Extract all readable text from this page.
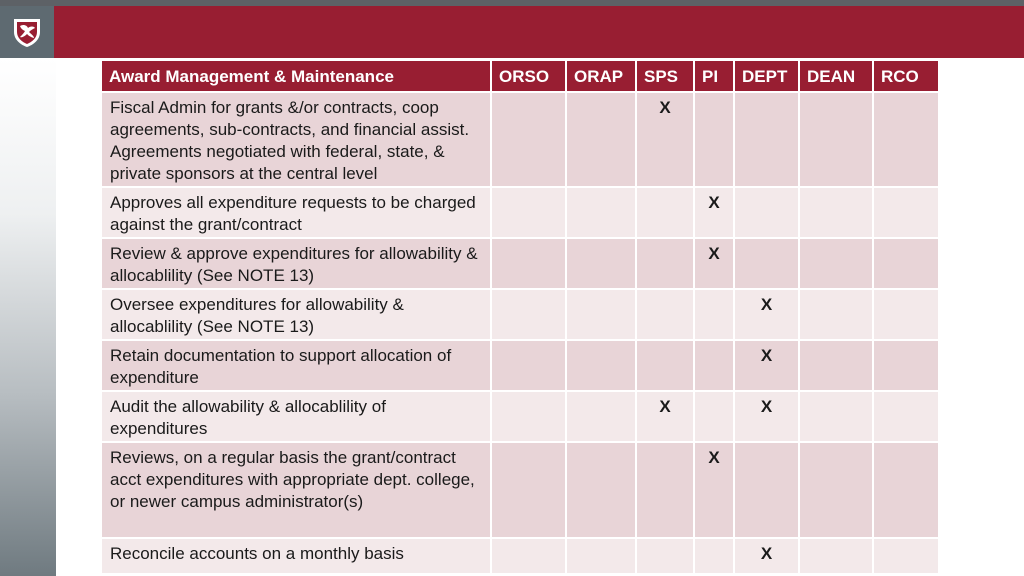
Award Management & Maintenance	ORSO	ORAP	SPS	PI	DEPT	DEAN	RCO
Fiscal Admin for grants &/or contracts, coop agreements, sub-contracts, and financial assist. Agreements negotiated with federal, state, & private sponsors at the central level			X				
Approves all expenditure requests to be charged against the grant/contract				X			
Review & approve expenditures for allowability & allocablility (See NOTE 13)				X			
Oversee expenditures for allowability & allocablility (See NOTE 13)					X		
Retain documentation to support allocation of expenditure					X		
Audit the allowability & allocablility of expenditures			X		X		
Reviews, on a regular basis the grant/contract acct expenditures with appropriate dept. college, or newer campus administrator(s)				X			
Reconcile accounts on a monthly basis					X		
